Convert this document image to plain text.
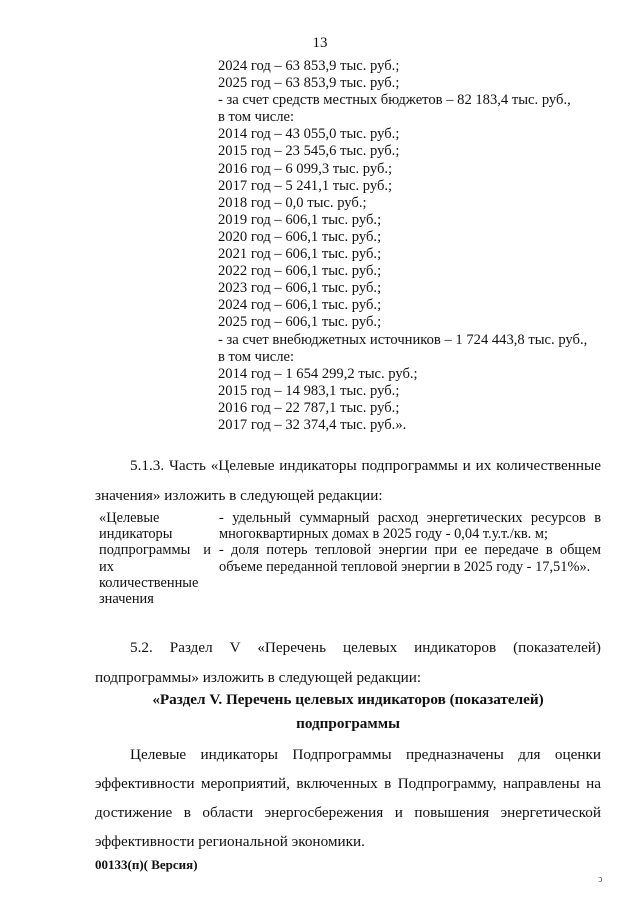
13
2024 год – 63 853,9 тыс. руб.;
2025 год – 63 853,9 тыс. руб.;
- за счет средств местных бюджетов – 82 183,4 тыс. руб.,
в том числе:
2014 год – 43 055,0 тыс. руб.;
2015 год – 23 545,6 тыс. руб.;
2016 год – 6 099,3 тыс. руб.;
2017 год – 5 241,1 тыс. руб.;
2018 год – 0,0 тыс. руб.;
2019 год – 606,1 тыс. руб.;
2020 год – 606,1 тыс. руб.;
2021 год – 606,1 тыс. руб.;
2022 год – 606,1 тыс. руб.;
2023 год – 606,1 тыс. руб.;
2024 год – 606,1 тыс. руб.;
2025 год – 606,1 тыс. руб.;
- за счет внебюджетных источников – 1 724 443,8 тыс. руб.,
в том числе:
2014 год – 1 654 299,2 тыс. руб.;
2015 год – 14 983,1 тыс. руб.;
2016 год – 22 787,1 тыс. руб.;
2017 год – 32 374,4 тыс. руб.».

5.1.3. Часть «Целевые индикаторы подпрограммы и их количественные значения» изложить в следующей редакции:

«Целевые индикаторы подпрограммы и их количественные значения

- удельный суммарный расход энергетических ресурсов в многоквартирных домах в 2025 году - 0,04 т.у.т./кв. м;

- доля потерь тепловой энергии при ее передаче в общем объеме переданной тепловой энергии в 2025 году - 17,51%».

5.2. Раздел V «Перечень целевых индикаторов (показателей)

подпрограммы» изложить в следующей редакции:

«Раздел V. Перечень целевых индикаторов (показателей)
подпрограммы

Целевые индикаторы Подпрограммы предназначены для оценки эффективности мероприятий, включенных в Подпрограмму, направлены на достижение в области энергосбережения и повышения энергетической эффективности региональной экономики.

00133(п)( Версия)
ↄ
